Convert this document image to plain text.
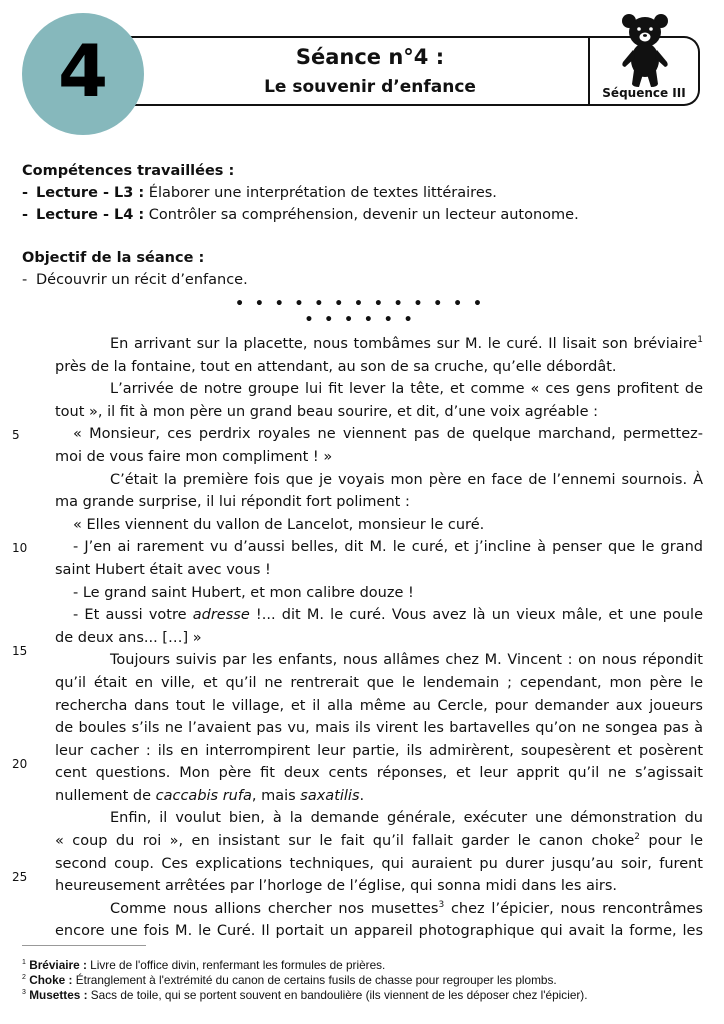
4	Séance n°4 :
Le souvenir d’enfance	Séquence III
Compétences travaillées :
- Lecture - L3 : Élaborer une interprétation de textes littéraires.
- Lecture - L4 : Contrôler sa compréhension, devenir un lecteur autonome.
Objectif de la séance :
- Découvrir un récit d’enfance.
• • • • • • • • • • • • • • • • • • •
En arrivant sur la placette, nous tombâmes sur M. le curé. Il lisait son bréviaire$^1$
près de la fontaine, tout en attendant, au son de sa cruche, qu’elle débordât.
L’arrivée de notre groupe lui fit lever la tête, et comme « ces gens profitent de
tout », il fit à mon père un grand beau sourire, et dit, d’une voix agréable :
« Monsieur, ces perdrix royales ne viennent pas de quelque marchand, permettez-
moi de vous faire mon compliment ! »
C’était la première fois que je voyais mon père en face de l’ennemi sournois. À
ma grande surprise, il lui répondit fort poliment :
« Elles viennent du vallon de Lancelot, monsieur le curé.
- J’en ai rarement vu d’aussi belles, dit M. le curé, et j’incline à penser que le grand
saint Hubert était avec vous !
- Le grand saint Hubert, et mon calibre douze !
- Et aussi votre adresse !... dit M. le curé. Vous avez là un vieux mâle, et une poule
de deux ans... […] »
Toujours suivis par les enfants, nous allâmes chez M. Vincent : on nous répondit
qu’il était en ville, et qu’il ne rentrerait que le lendemain ; cependant, mon père le
rechercha dans tout le village, et il alla même au Cercle, pour demander aux joueurs
de boules s’ils ne l’avaient pas vu, mais ils virent les bartavelles qu’on ne songea pas à
leur cacher : ils en interrompirent leur partie, ils admirèrent, soupesèrent et posèrent
cent questions. Mon père fit deux cents réponses, et leur apprit qu’il ne s’agissait
nullement de caccabis rufa, mais saxatilis.
Enfin, il voulut bien, à la demande générale, exécuter une démonstration du
« coup du roi », en insistant sur le fait qu’il fallait garder le canon choke$^2$ pour le
second coup. Ces explications techniques, qui auraient pu durer jusqu’au soir, furent
heureusement arrêtées par l’horloge de l’église, qui sonna midi dans les airs.
Comme nous allions chercher nos musettes$^3$ chez l’épicier, nous rencontrâmes
encore une fois M. le Curé. Il portait un appareil photographique qui avait la forme, les
5
10
15
20
25
$^1$ Bréviaire : Livre de l'office divin, renfermant les formules de prières.
$^2$ Choke : Étranglement à l'extrémité du canon de certains fusils de chasse pour regrouper les plombs.
$^3$ Musettes : Sacs de toile, qui se portent souvent en bandoulière (ils viennent de les déposer chez l'épicier).
